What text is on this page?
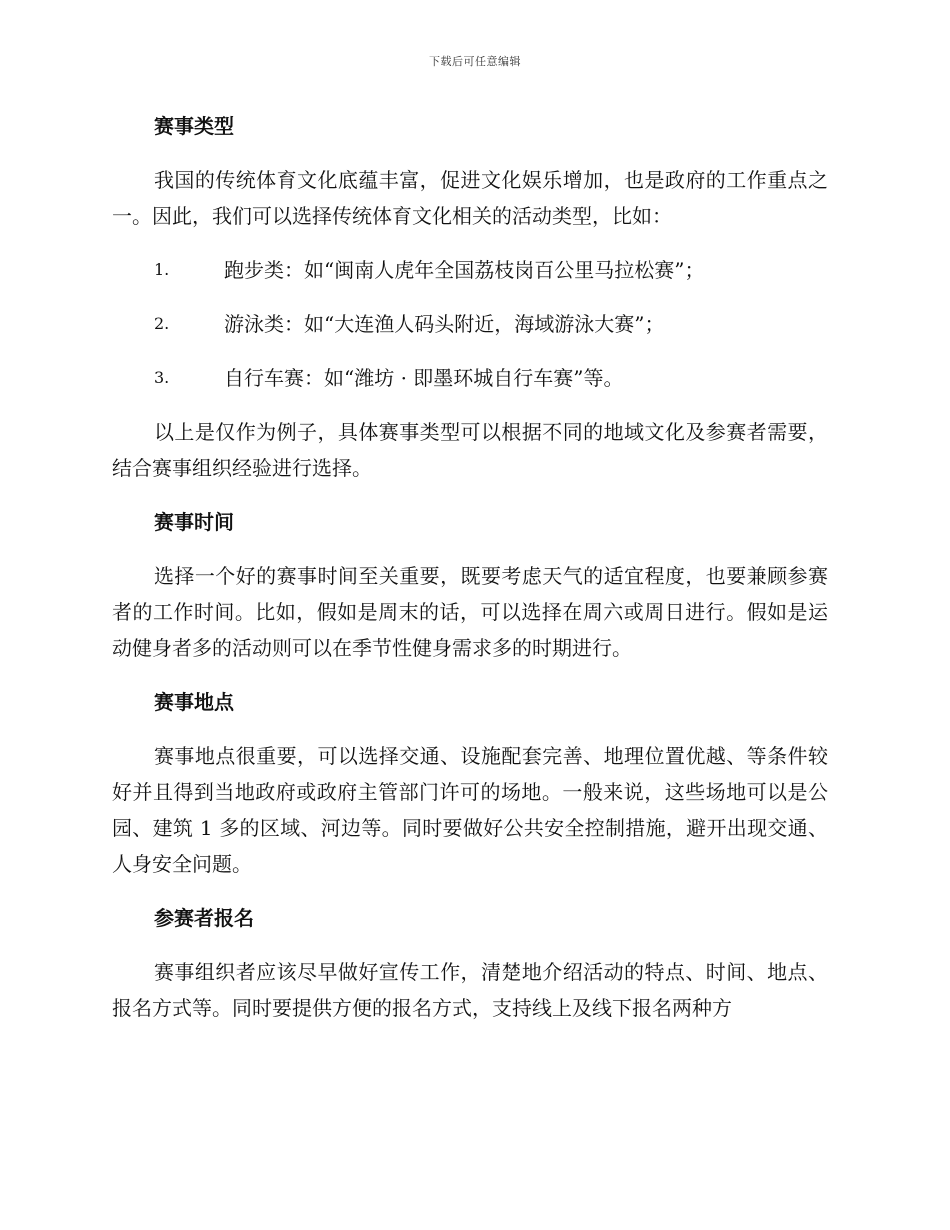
下载后可任意编辑
赛事类型

我国的传统体育文化底蕴丰富，促进文化娱乐增加，也是政府的工作重点之一。因此，我们可以选择传统体育文化相关的活动类型，比如：

1.	跑步类：如“闽南人虎年全国荔枝岗百公里马拉松赛”；
2.	游泳类：如“大连渔人码头附近，海域游泳大赛”；
3.	自行车赛：如“潍坊 · 即墨环城自行车赛”等。

以上是仅作为例子，具体赛事类型可以根据不同的地域文化及参赛者需要，结合赛事组织经验进行选择。

赛事时间

选择一个好的赛事时间至关重要，既要考虑天气的适宜程度，也要兼顾参赛者的工作时间。比如，假如是周末的话，可以选择在周六或周日进行。假如是运动健身者多的活动则可以在季节性健身需求多的时期进行。

赛事地点

赛事地点很重要，可以选择交通、设施配套完善、地理位置优越、等条件较好并且得到当地政府或政府主管部门许可的场地。一般来说，这些场地可以是公园、建筑 1 多的区域、河边等。同时要做好公共安全控制措施，避开出现交通、人身安全问题。

参赛者报名

赛事组织者应该尽早做好宣传工作，清楚地介绍活动的特点、时间、地点、报名方式等。同时要提供方便的报名方式，支持线上及线下报名两种方
